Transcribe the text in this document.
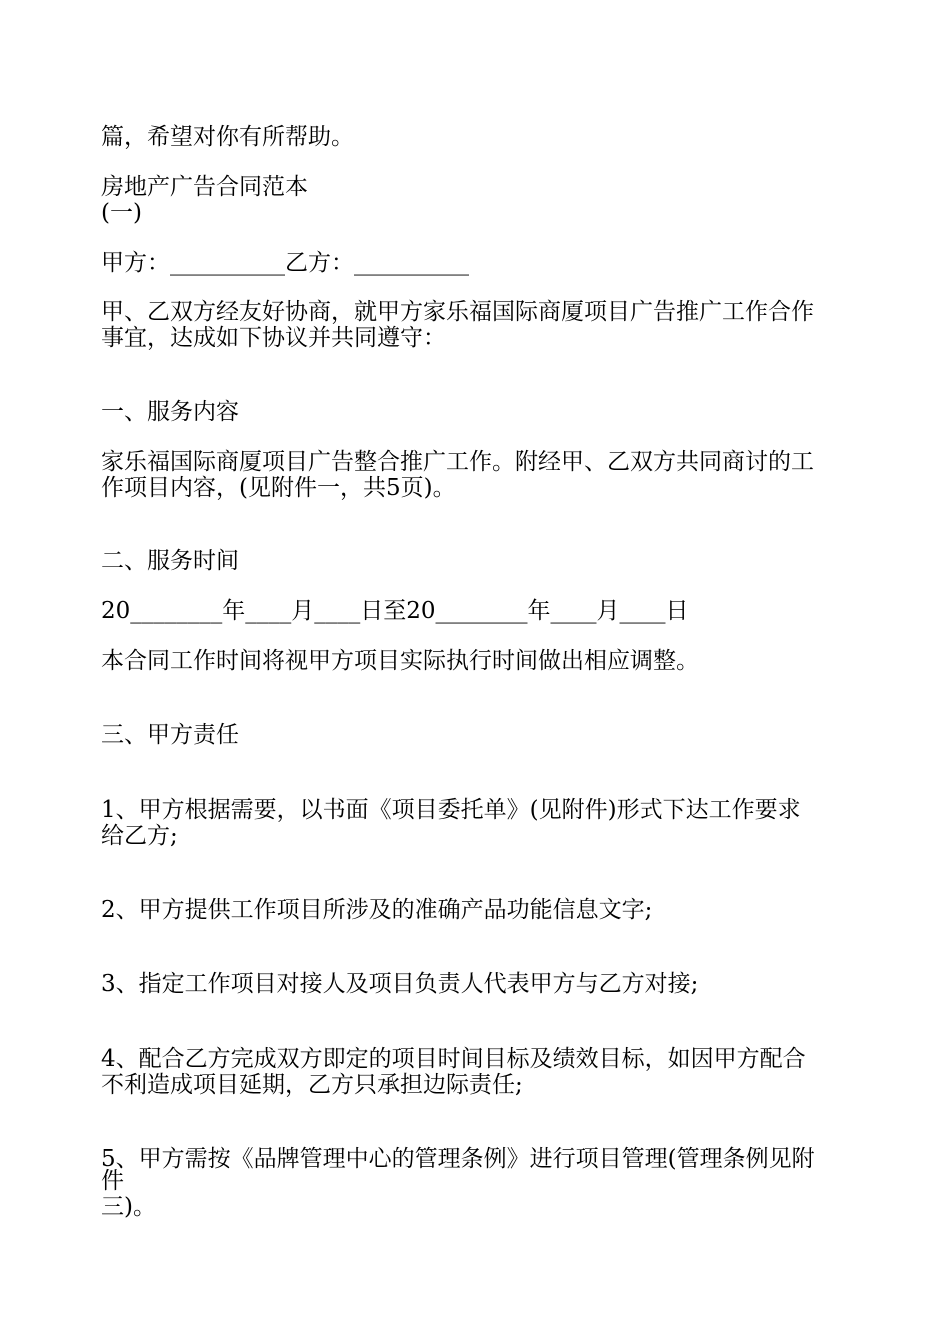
篇，希望对你有所帮助。

房地产广告合同范本

(一)

甲方：__________乙方：__________

甲、乙双方经友好协商，就甲方家乐福国际商厦项目广告推广工作合作

事宜，达成如下协议并共同遵守：

一、服务内容

家乐福国际商厦项目广告整合推广工作。附经甲、乙双方共同商讨的工

作项目内容，(见附件一，共5页)。

二、服务时间

20________年____月____日至20________年____月____日

本合同工作时间将视甲方项目实际执行时间做出相应调整。

三、甲方责任

1、甲方根据需要，以书面《项目委托单》(见附件)形式下达工作要求

给乙方;

2、甲方提供工作项目所涉及的准确产品功能信息文字;

3、指定工作项目对接人及项目负责人代表甲方与乙方对接;

4、配合乙方完成双方即定的项目时间目标及绩效目标，如因甲方配合

不利造成项目延期，乙方只承担边际责任;

5、甲方需按《品牌管理中心的管理条例》进行项目管理(管理条例见附

件

三)。
